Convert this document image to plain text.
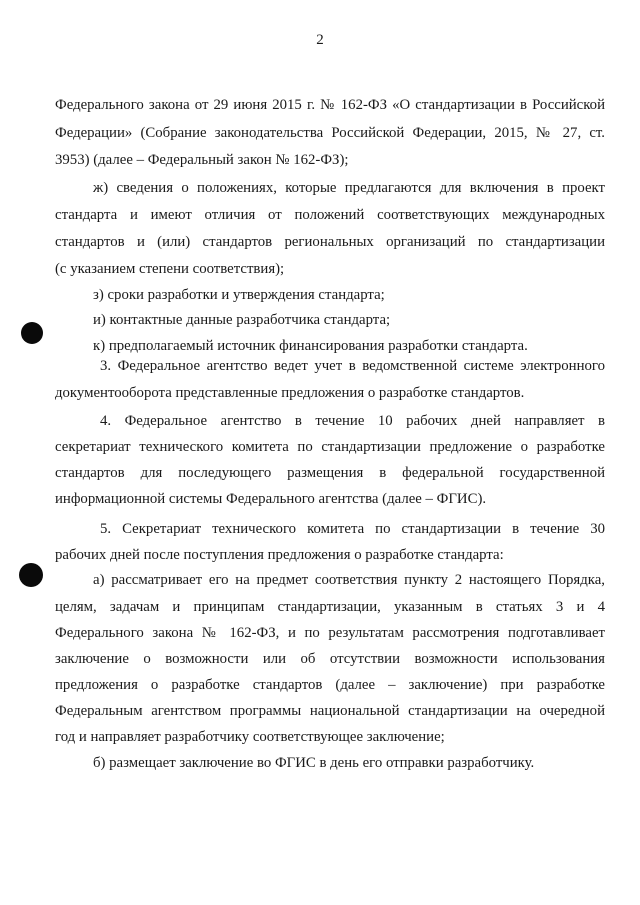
2
Федерального закона от 29 июня 2015 г. № 162-ФЗ «О стандартизации в Российской
Федерации» (Собрание законодательства Российской Федерации, 2015, № 27, ст.
3953) (далее – Федеральный закон № 162-ФЗ);
ж) сведения о положениях, которые предлагаются для включения в проект
стандарта и имеют отличия от положений соответствующих международных
стандартов и (или) стандартов региональных организаций по стандартизации
(с указанием степени соответствия);
з) сроки разработки и утверждения стандарта;
и) контактные данные разработчика стандарта;
к) предполагаемый источник финансирования разработки стандарта.
3. Федеральное агентство ведет учет в ведомственной системе электронного
документооборота представленные предложения о разработке стандартов.
4. Федеральное агентство в течение 10 рабочих дней направляет в
секретариат технического комитета по стандартизации предложение о разработке
стандартов для последующего размещения в федеральной государственной
информационной системы Федерального агентства (далее – ФГИС).
5. Секретариат технического комитета по стандартизации в течение 30
рабочих дней после поступления предложения о разработке стандарта:
а) рассматривает его на предмет соответствия пункту 2 настоящего Порядка,
целям, задачам и принципам стандартизации, указанным в статьях 3 и 4
Федерального закона № 162-ФЗ, и по результатам рассмотрения подготавливает
заключение о возможности или об отсутствии возможности использования
предложения о разработке стандартов (далее – заключение) при разработке
Федеральным агентством программы национальной стандартизации на очередной
год и направляет разработчику соответствующее заключение;
б) размещает заключение во ФГИС в день его отправки разработчику.
